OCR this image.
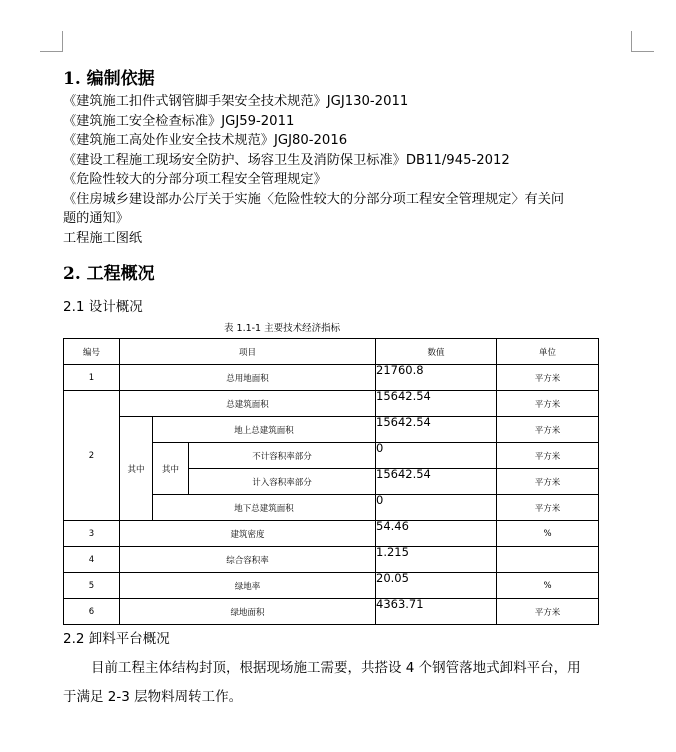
1. 编制依据
《建筑施工扣件式钢管脚手架安全技术规范》JGJ130-2011
《建筑施工安全检查标准》JGJ59-2011
《建筑施工高处作业安全技术规范》JGJ80-2016
《建设工程施工现场安全防护、场容卫生及消防保卫标准》DB11/945-2012
《危险性较大的分部分项工程安全管理规定》
《住房城乡建设部办公厅关于实施〈危险性较大的分部分项工程安全管理规定〉有关问
题的通知》
工程施工图纸
2. 工程概况
2.1 设计概况
表 1.1-1 主要技术经济指标
编号	项目			数值	单位
1	总用地面积			21760.8	平方米
2	总建筑面积			15642.54	平方米
	其中	地上总建筑面积		15642.54	平方米
		其中	不计容积率部分	0	平方米
			计入容积率部分	15642.54	平方米
		地下总建筑面积		0	平方米
3	建筑密度			54.46	%
4	综合容积率			1.215	
5	绿地率			20.05	%
6	绿地面积			4363.71	平方米
2.2 卸料平台概况
目前工程主体结构封顶，根据现场施工需要，共搭设 4 个钢管落地式卸料平台，用
于满足 2-3 层物料周转工作。
